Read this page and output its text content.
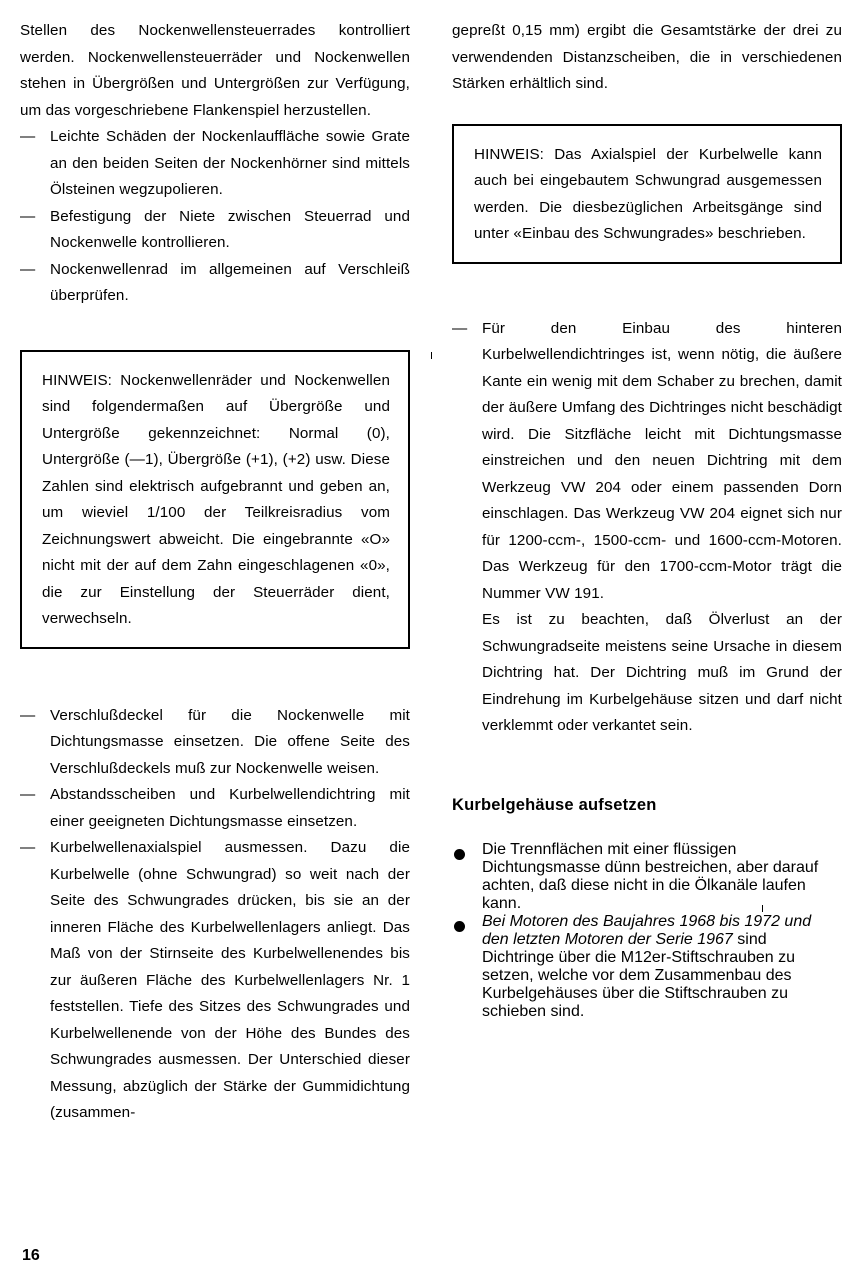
Stellen des Nockenwellensteuerrades kontrolliert werden. Nockenwellensteuerräder und Nockenwellen stehen in Übergrößen und Untergrößen zur Verfügung, um das vorgeschriebene Flankenspiel herzustellen.

— Leichte Schäden der Nockenlauffläche sowie Grate an den beiden Seiten der Nockenhörner sind mittels Ölsteinen wegzupolieren.
— Befestigung der Niete zwischen Steuerrad und Nockenwelle kontrollieren.
— Nockenwellenrad im allgemeinen auf Verschleiß überprüfen.

HINWEIS: Nockenwellenräder und Nockenwellen sind folgendermaßen auf Übergröße und Untergröße gekennzeichnet: Normal (0), Untergröße (—1), Übergröße (+1), (+2) usw. Diese Zahlen sind elektrisch aufgebrannt und geben an, um wieviel 1/100 der Teilkreisradius vom Zeichnungswert abweicht. Die eingebrannte «O» nicht mit der auf dem Zahn eingeschlagenen «0», die zur Einstellung der Steuerräder dient, verwechseln.

— Verschlußdeckel für die Nockenwelle mit Dichtungsmasse einsetzen. Die offene Seite des Verschlußdeckels muß zur Nockenwelle weisen.
— Abstandsscheiben und Kurbelwellendichtring mit einer geeigneten Dichtungsmasse einsetzen.
— Kurbelwellenaxialspiel ausmessen. Dazu die Kurbelwelle (ohne Schwungrad) so weit nach der Seite des Schwungrades drücken, bis sie an der inneren Fläche des Kurbelwellenlagers anliegt. Das Maß von der Stirnseite des Kurbelwellenendes bis zur äußeren Fläche des Kurbelwellenlagers Nr. 1 feststellen. Tiefe des Sitzes des Schwungrades und Kurbelwellenende von der Höhe des Bundes des Schwungrades ausmessen. Der Unterschied dieser Messung, abzüglich der Stärke der Gummidichtung (zusammen-

gepreßt 0,15 mm) ergibt die Gesamtstärke der drei zu verwendenden Distanzscheiben, die in verschiedenen Stärken erhältlich sind.

HINWEIS: Das Axialspiel der Kurbelwelle kann auch bei eingebautem Schwungrad ausgemessen werden. Die diesbezüglichen Arbeitsgänge sind unter «Einbau des Schwungrades» beschrieben.

— Für den Einbau des hinteren Kurbelwellendichtringes ist, wenn nötig, die äußere Kante ein wenig mit dem Schaber zu brechen, damit der äußere Umfang des Dichtringes nicht beschädigt wird. Die Sitzfläche leicht mit Dichtungsmasse einstreichen und den neuen Dichtring mit dem Werkzeug VW 204 oder einem passenden Dorn einschlagen. Das Werkzeug VW 204 eignet sich nur für 1200-ccm-, 1500-ccm- und 1600-ccm-Motoren. Das Werkzeug für den 1700-ccm-Motor trägt die Nummer VW 191.

Es ist zu beachten, daß Ölverlust an der Schwungradseite meistens seine Ursache in diesem Dichtring hat. Der Dichtring muß im Grund der Eindrehung im Kurbelgehäuse sitzen und darf nicht verklemmt oder verkantet sein.

Kurbelgehäuse aufsetzen
Die Trennflächen mit einer flüssigen Dichtungsmasse dünn bestreichen, aber darauf achten, daß diese nicht in die Ölkanäle laufen kann.
Bei Motoren des Baujahres 1968 bis 1972 und den letzten Motoren der Serie 1967 sind Dichtringe über die M12er-Stiftschrauben zu setzen, welche vor dem Zusammenbau des Kurbelgehäuses über die Stiftschrauben zu schieben sind.
16
